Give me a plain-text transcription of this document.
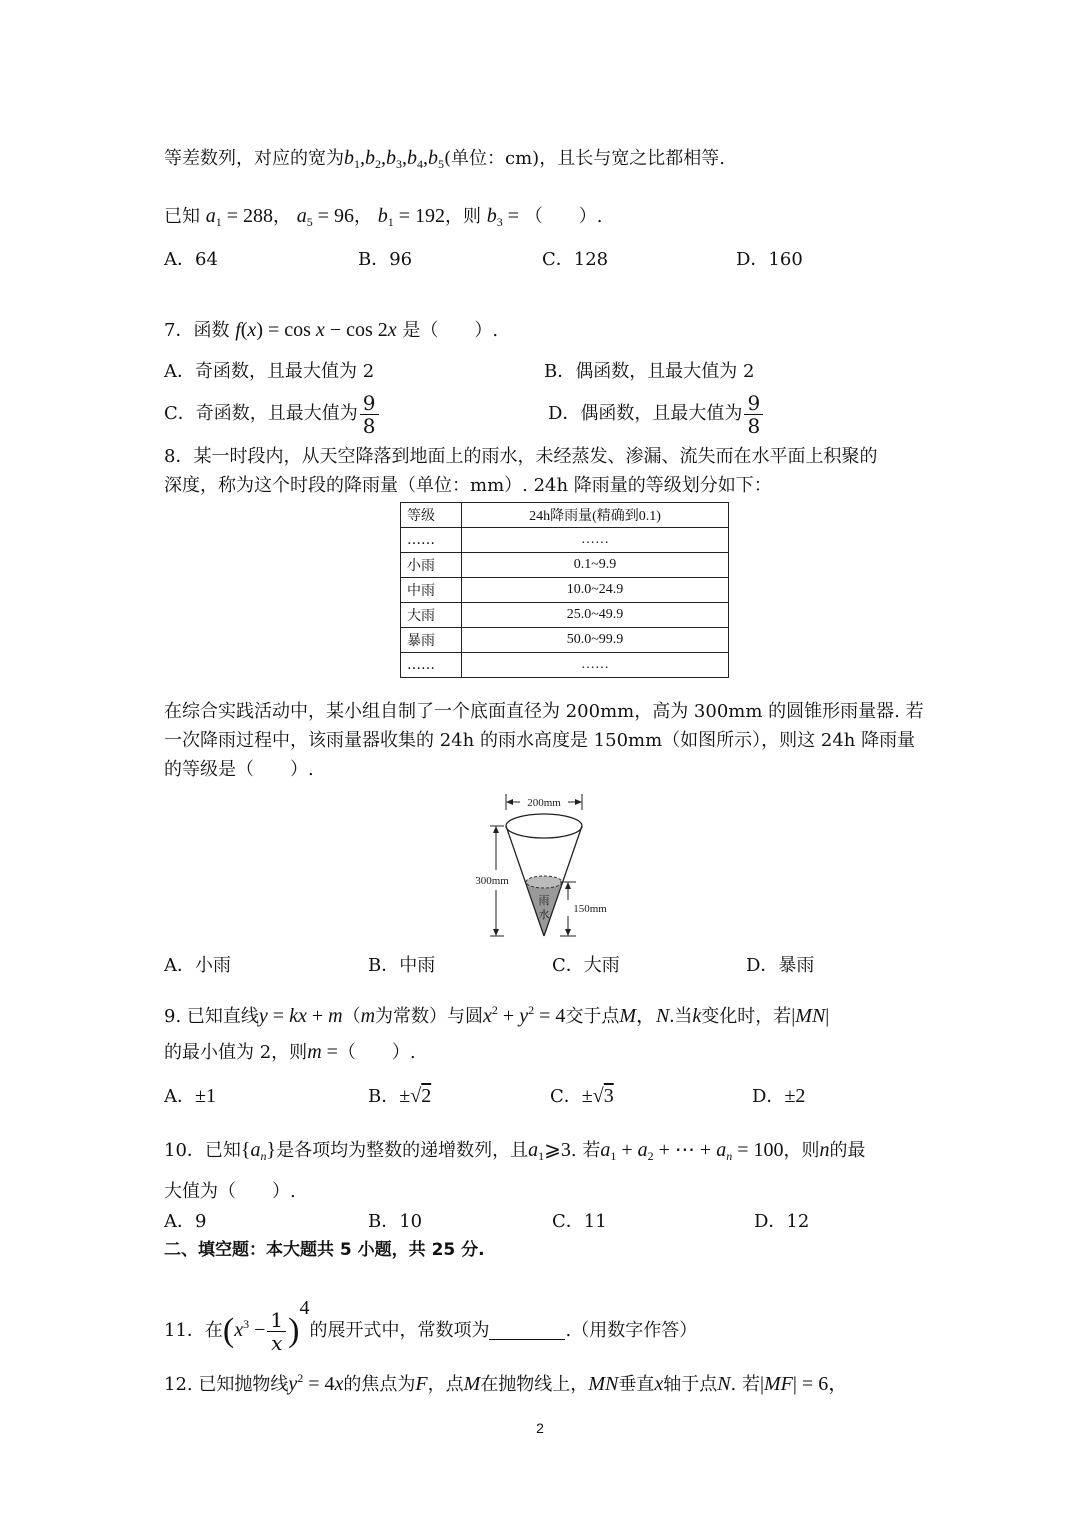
等差数列，对应的宽为$b_1,b_2,b_3,b_4,b_5$(单位：cm)，且长与宽之比都相等.
已知 $a_1 = 288$， $a_5 = 96$， $b_1 = 192$，则 $b_3$ = （　　）.
A．64	B．96	C．128	D．160
7．函数 f(x) = cos x − cos 2x 是（　　）.
A．奇函数，且最大值为 2	B．偶函数，且最大值为 2
C．奇函数，且最大值为 $\frac{9}{8}$	D．偶函数，且最大值为 $\frac{9}{8}$
8．某一时段内，从天空降落到地面上的雨水，未经蒸发、渗漏、流失而在水平面上积聚的
深度，称为这个时段的降雨量（单位：mm）. 24h 降雨量的等级划分如下：
等级	24h降雨量(精确到0.1)
……	……
小雨	0.1~9.9
中雨	10.0~24.9
大雨	25.0~49.9
暴雨	50.0~99.9
……	……
在综合实践活动中，某小组自制了一个底面直径为 200mm，高为 300mm 的圆锥形雨量器. 若
一次降雨过程中，该雨量器收集的 24h 的雨水高度是 150mm（如图所示），则这 24h 降雨量
的等级是（　　）.
200mm
雨
水
300mm
150mm
A．小雨	B．中雨	C．大雨	D．暴雨
9. 已知直线y = kx + m（m为常数）与圆$x^2 + y^2 = 4$交于点M，N.当k变化时，若|MN|
的最小值为 2，则m =（　　）.
A．±1	B．±√2	C．±√3	D．±2
10．已知$\{a_n\}$是各项均为整数的递增数列，且$a_1⩾3$. 若$a_1 + a_2$ + ⋯ + $a_n = 100$，则n的最
大值为（　　）.
A．9	B．10	C．11	D．12
二、填空题：本大题共 5 小题，共 25 分.
11．在$(x^3 - \frac{1}{x} )^4$的展开式中，常数项为	.（用数字作答）
12. 已知抛物线$y^2 = 4x$的焦点为F，点M在抛物线上，MN垂直x轴于点N. 若|MF| = 6，
2
